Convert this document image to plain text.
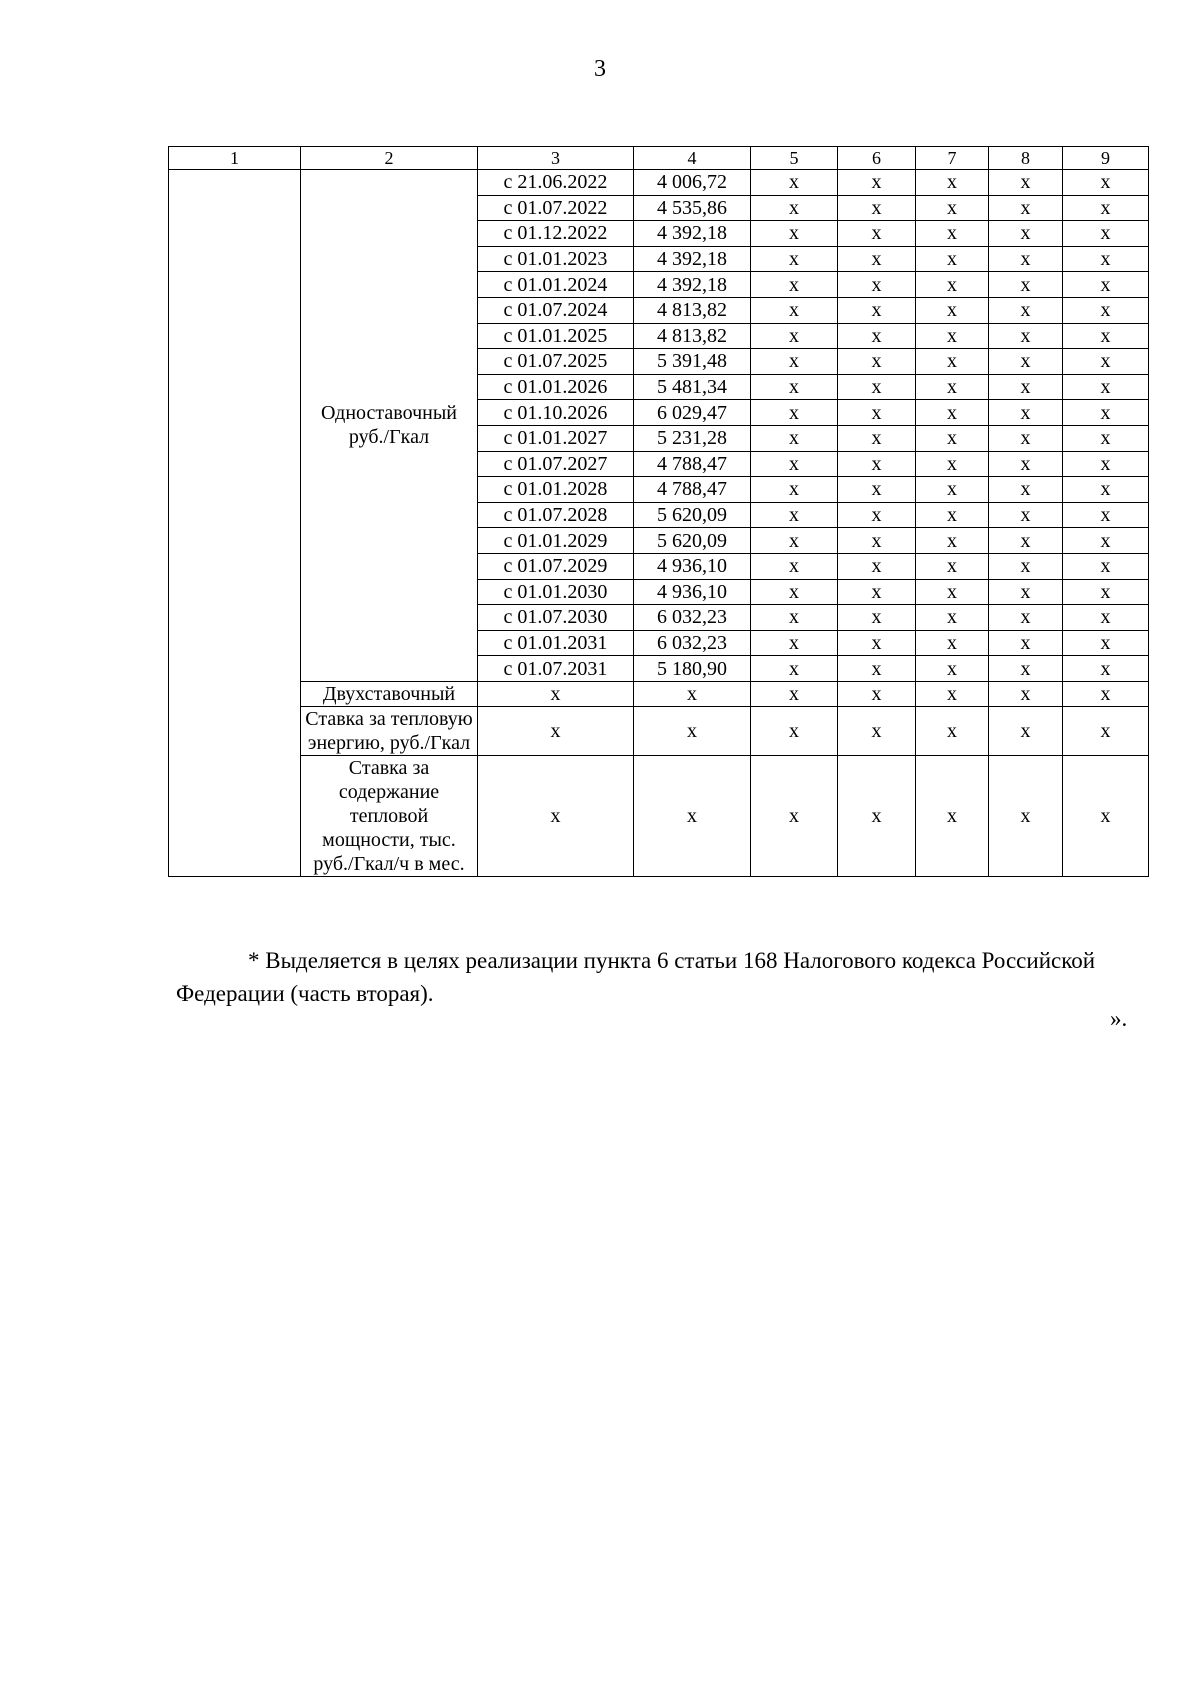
3
1	2	3	4	5	6	7	8	9
	Одноставочный руб./Гкал	с 21.06.2022	4 006,72	х	х	х	х	х
		с 01.07.2022	4 535,86	х	х	х	х	х
		с 01.12.2022	4 392,18	х	х	х	х	х
		с 01.01.2023	4 392,18	х	х	х	х	х
		с 01.01.2024	4 392,18	х	х	х	х	х
		с 01.07.2024	4 813,82	х	х	х	х	х
		с 01.01.2025	4 813,82	х	х	х	х	х
		с 01.07.2025	5 391,48	х	х	х	х	х
		с 01.01.2026	5 481,34	х	х	х	х	х
		с 01.10.2026	6 029,47	х	х	х	х	х
		с 01.01.2027	5 231,28	х	х	х	х	х
		с 01.07.2027	4 788,47	х	х	х	х	х
		с 01.01.2028	4 788,47	х	х	х	х	х
		с 01.07.2028	5 620,09	х	х	х	х	х
		с 01.01.2029	5 620,09	х	х	х	х	х
		с 01.07.2029	4 936,10	х	х	х	х	х
		с 01.01.2030	4 936,10	х	х	х	х	х
		с 01.07.2030	6 032,23	х	х	х	х	х
		с 01.01.2031	6 032,23	х	х	х	х	х
		с 01.07.2031	5 180,90	х	х	х	х	х
	Двухставочный	х	х	х	х	х	х	х
	Ставка за тепловую энергию, руб./Гкал	х	х	х	х	х	х	х
	Ставка за содержание тепловой мощности, тыс. руб./Гкал/ч в мес.	х	х	х	х	х	х	х
* Выделяется в целях реализации пункта 6 статьи 168 Налогового кодекса Российской Федерации (часть вторая).
».
